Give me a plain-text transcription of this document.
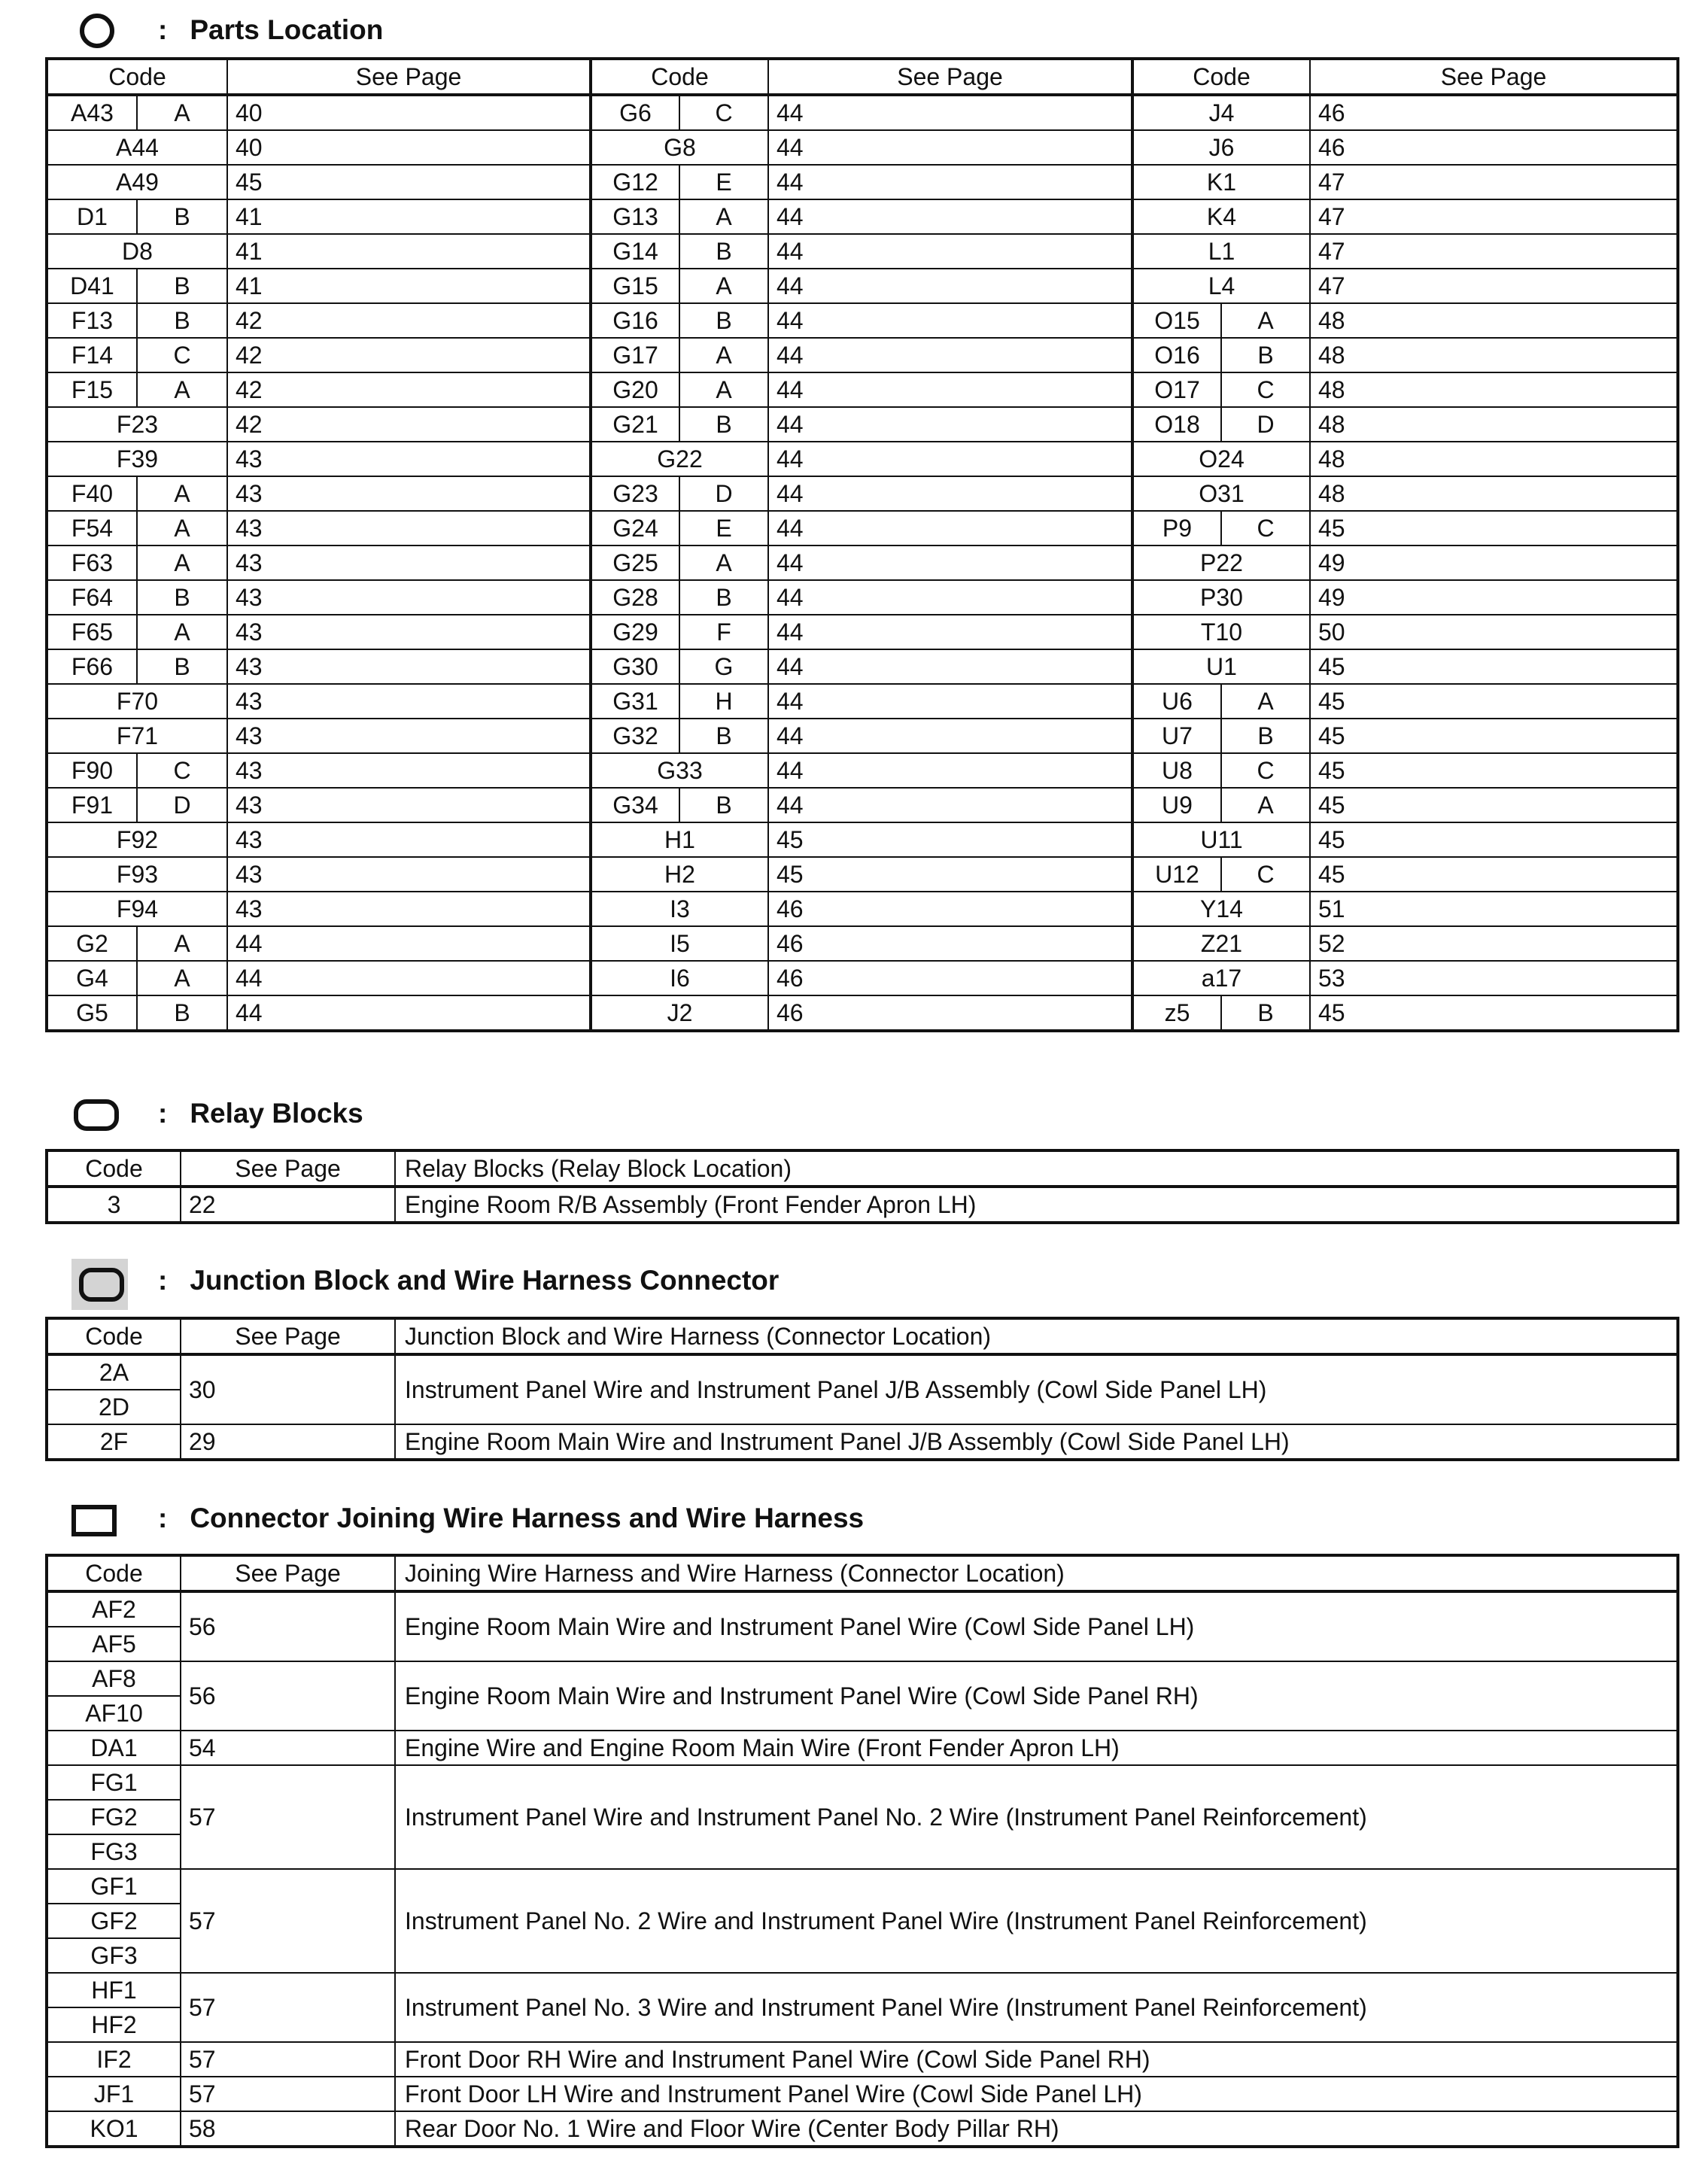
: Parts Location
Code		See Page	Code		See Page	Code		See Page
A43	A	40	G6	C	44	J4		46
A44		40	G8		44	J6		46
A49		45	G12	E	44	K1		47
D1	B	41	G13	A	44	K4		47
D8		41	G14	B	44	L1		47
D41	B	41	G15	A	44	L4		47
F13	B	42	G16	B	44	O15	A	48
F14	C	42	G17	A	44	O16	B	48
F15	A	42	G20	A	44	O17	C	48
F23		42	G21	B	44	O18	D	48
F39		43	G22		44	O24		48
F40	A	43	G23	D	44	O31		48
F54	A	43	G24	E	44	P9	C	45
F63	A	43	G25	A	44	P22		49
F64	B	43	G28	B	44	P30		49
F65	A	43	G29	F	44	T10		50
F66	B	43	G30	G	44	U1		45
F70		43	G31	H	44	U6	A	45
F71		43	G32	B	44	U7	B	45
F90	C	43	G33		44	U8	C	45
F91	D	43	G34	B	44	U9	A	45
F92		43	H1		45	U11		45
F93		43	H2		45	U12	C	45
F94		43	I3		46	Y14		51
G2	A	44	I5		46	Z21		52
G4	A	44	I6		46	a17		53
G5	B	44	J2		46	z5	B	45
: Relay Blocks
Code	See Page	Relay Blocks (Relay Block Location)
3	22	Engine Room R/B Assembly (Front Fender Apron LH)
: Junction Block and Wire Harness Connector
Code	See Page	Junction Block and Wire Harness (Connector Location)
2A	30	Instrument Panel Wire and Instrument Panel J/B Assembly (Cowl Side Panel LH)
2D		
2F	29	Engine Room Main Wire and Instrument Panel J/B Assembly (Cowl Side Panel LH)
: Connector Joining Wire Harness and Wire Harness
Code	See Page	Joining Wire Harness and Wire Harness (Connector Location)
AF2	56	Engine Room Main Wire and Instrument Panel Wire (Cowl Side Panel LH)
AF5		
AF8	56	Engine Room Main Wire and Instrument Panel Wire (Cowl Side Panel RH)
AF10		
DA1	54	Engine Wire and Engine Room Main Wire (Front Fender Apron LH)
FG1	57	Instrument Panel Wire and Instrument Panel No. 2 Wire (Instrument Panel Reinforcement)
FG2		
FG3		
GF1	57	Instrument Panel No. 2 Wire and Instrument Panel Wire (Instrument Panel Reinforcement)
GF2		
GF3		
HF1	57	Instrument Panel No. 3 Wire and Instrument Panel Wire (Instrument Panel Reinforcement)
HF2		
IF2	57	Front Door RH Wire and Instrument Panel Wire (Cowl Side Panel RH)
JF1	57	Front Door LH Wire and Instrument Panel Wire (Cowl Side Panel LH)
KO1	58	Rear Door No. 1 Wire and Floor Wire (Center Body Pillar RH)
